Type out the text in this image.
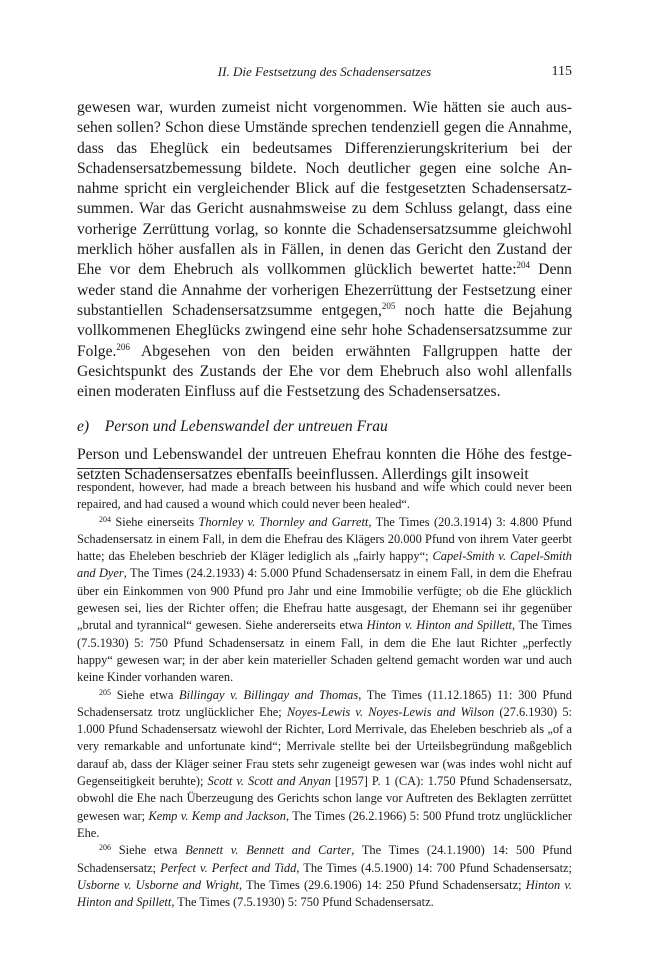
II. Die Festsetzung des Schadensersatzes	115

gewesen war, wurden zumeist nicht vorgenommen. Wie hätten sie auch aussehen sollen? Schon diese Umstände sprechen tendenziell gegen die Annahme, dass das Eheglück ein bedeutsames Differenzierungskriterium bei der Schadensersatzbemessung bildete. Noch deutlicher gegen eine solche Annahme spricht ein vergleichender Blick auf die festgesetzten Schadensersatzsummen. War das Gericht ausnahmsweise zu dem Schluss gelangt, dass eine vorherige Zerrüttung vorlag, so konnte die Schadensersatzsumme gleichwohl merklich höher ausfallen als in Fällen, in denen das Gericht den Zustand der Ehe vor dem Ehebruch als vollkommen glücklich bewertet hatte:$^{204}$ Denn weder stand die Annahme der vorherigen Ehezerrüttung der Festsetzung einer substantiellen Schadensersatzsumme entgegen,$^{205}$ noch hatte die Bejahung vollkommenen Eheglücks zwingend eine sehr hohe Schadensersatzsumme zur Folge.$^{206}$ Abgesehen von den beiden erwähnten Fallgruppen hatte der Gesichtspunkt des Zustands der Ehe vor dem Ehebruch also wohl allenfalls einen moderaten Einfluss auf die Festsetzung des Schadensersatzes.

e) Person und Lebenswandel der untreuen Frau

Person und Lebenswandel der untreuen Ehefrau konnten die Höhe des festgesetzten Schadensersatzes ebenfalls beeinflussen. Allerdings gilt insoweit

respondent, however, had made a breach between his husband and wife which could never been repaired, and had caused a wound which could never been healed“.

$^{204}$ Siehe einerseits Thornley v. Thornley and Garrett, The Times (20.3.1914) 3: 4.800 Pfund Schadensersatz in einem Fall, in dem die Ehefrau des Klägers 20.000 Pfund von ihrem Vater geerbt hatte; das Eheleben beschrieb der Kläger lediglich als „fairly happy“; Capel-Smith v. Capel-Smith and Dyer, The Times (24.2.1933) 4: 5.000 Pfund Schadensersatz in einem Fall, in dem die Ehefrau über ein Einkommen von 900 Pfund pro Jahr und eine Immobilie verfügte; ob die Ehe glücklich gewesen sei, lies der Richter offen; die Ehefrau hatte ausgesagt, der Ehemann sei ihr gegenüber „brutal and tyrannical“ gewesen. Siehe andererseits etwa Hinton v. Hinton and Spillett, The Times (7.5.1930) 5: 750 Pfund Schadensersatz in einem Fall, in dem die Ehe laut Richter „perfectly happy“ gewesen war; in der aber kein materieller Schaden geltend gemacht worden war und auch keine Kinder vorhanden waren.

$^{205}$ Siehe etwa Billingay v. Billingay and Thomas, The Times (11.12.1865) 11: 300 Pfund Schadensersatz trotz unglücklicher Ehe; Noyes-Lewis v. Noyes-Lewis and Wilson (27.6.1930) 5: 1.000 Pfund Schadensersatz wiewohl der Richter, Lord Merrivale, das Eheleben beschrieb als „of a very remarkable and unfortunate kind“; Merrivale stellte bei der Urteilsbegründung maßgeblich darauf ab, dass der Kläger seiner Frau stets sehr zugeneigt gewesen war (was indes wohl nicht auf Gegenseitigkeit beruhte); Scott v. Scott and Anyan [1957] P. 1 (CA): 1.750 Pfund Schadensersatz, obwohl die Ehe nach Überzeugung des Gerichts schon lange vor Auftreten des Beklagten zerrüttet gewesen war; Kemp v. Kemp and Jackson, The Times (26.2.1966) 5: 500 Pfund trotz unglücklicher Ehe.

$^{206}$ Siehe etwa Bennett v. Bennett and Carter, The Times (24.1.1900) 14: 500 Pfund Schadensersatz; Perfect v. Perfect and Tidd, The Times (4.5.1900) 14: 700 Pfund Schadensersatz; Usborne v. Usborne and Wright, The Times (29.6.1906) 14: 250 Pfund Schadensersatz; Hinton v. Hinton and Spillett, The Times (7.5.1930) 5: 750 Pfund Schadensersatz.
